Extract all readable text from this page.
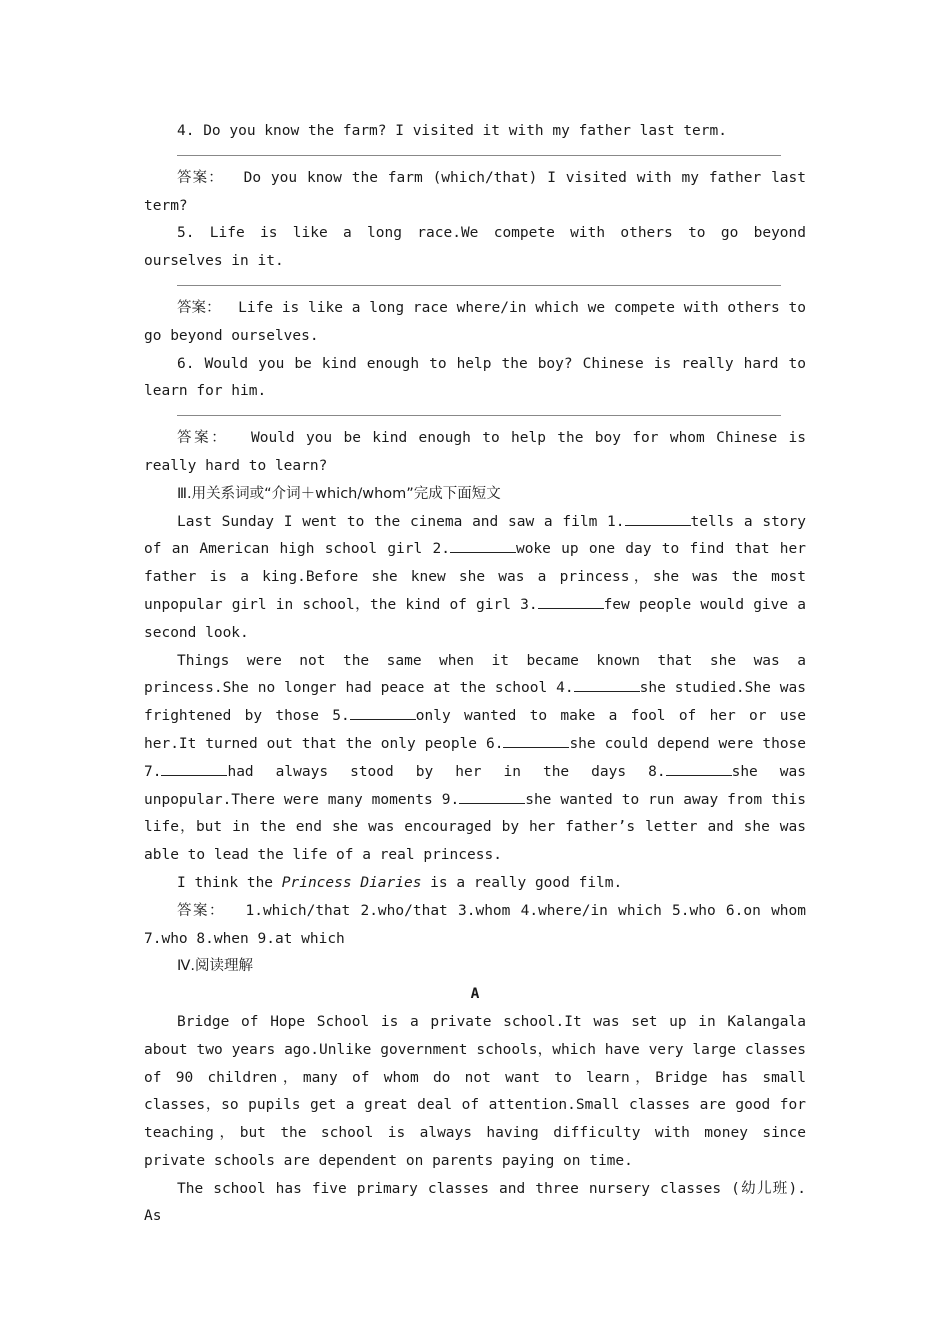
4. Do you know the farm? I visited it with my father last term.

答案： Do you know the farm (which/that) I visited with my father last term?

5. Life is like a long race.We compete with others to go beyond ourselves in it.

答案： Life is like a long race where/in which we compete with others to go beyond ourselves.

6. Would you be kind enough to help the boy? Chinese is really hard to learn for him.

答案： Would you be kind enough to help the boy for whom Chinese is really hard to learn?

Ⅲ.用关系词或“介词＋which/whom”完成下面短文

Last Sunday I went to the cinema and saw a film 1.	tells a story of an American high school girl 2.	woke up one day to find that her father is a king.Before she knew she was a princess，she was the most unpopular girl in school，the kind of girl 3.	few people would give a second look.

Things were not the same when it became known that she was a princess.She no longer had peace at the school 4.	she studied.She was frightened by those 5.	only wanted to make a fool of her or use her.It turned out that the only people 6.	she could depend were those 7.	had always stood by her in the days 8.	she was unpopular.There were many moments 9.	she wanted to run away from this life，but in the end she was encouraged by her father’s letter and she was able to lead the life of a real princess.

I think the Princess Diaries is a really good film.

答案： 1.which/that 2.who/that 3.whom 4.where/in which 5.who 6.on whom 7.who 8.when 9.at which

Ⅳ.阅读理解

A

Bridge of Hope School is a private school.It was set up in Kalangala about two years ago.Unlike government schools，which have very large classes of 90 children，many of whom do not want to learn，Bridge has small classes，so pupils get a great deal of attention.Small classes are good for teaching，but the school is always having difficulty with money since private schools are dependent on parents paying on time.

The school has five primary classes and three nursery classes (幼儿班). As
